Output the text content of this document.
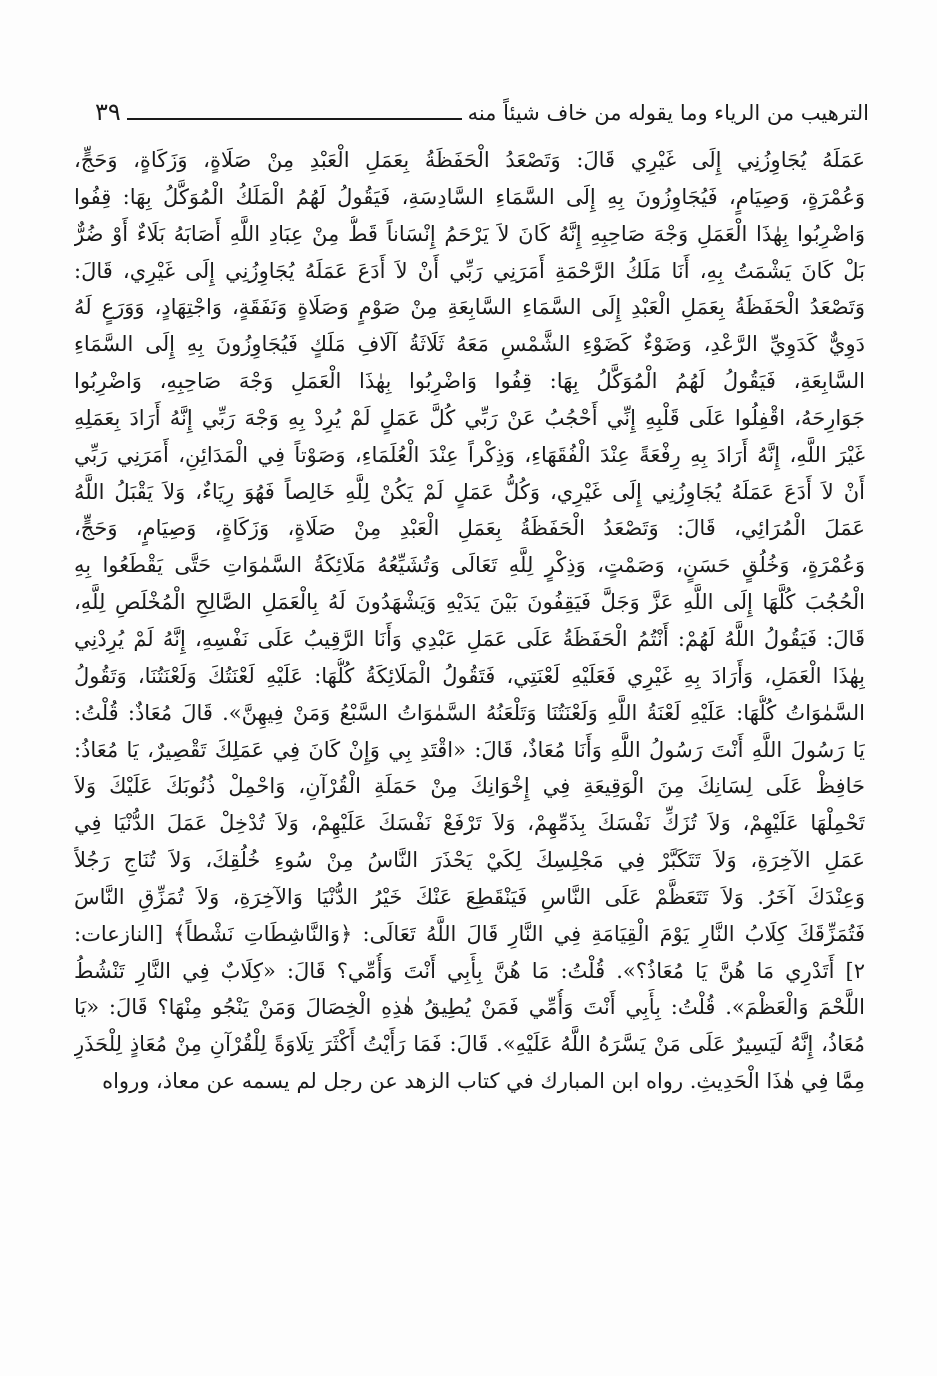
الترهيب من الرياء وما يقوله من خاف شيئاً منه
٣٩
عَمَلَهُ يُجَاوِزُنِي إِلَى غَيْرِي قَالَ: وَتَصْعَدُ الْحَفَظَةُ بِعَمَلِ الْعَبْدِ مِنْ صَلَاةٍ، وَزَكَاةٍ، وَحَجٍّ،
وَعُمْرَةٍ، وَصِيَامٍ، فَيُجَاوِزُونَ بِهِ إِلَى السَّمَاءِ السَّادِسَةِ، فَيَقُولُ لَهُمُ الْمَلَكُ الْمُوَكَّلُ بِهَا: قِفُوا
وَاضْرِبُوا بِهٰذَا الْعَمَلِ وَجْهَ صَاحِبِهِ إِنَّهُ كَانَ لاَ يَرْحَمُ إِنْسَاناً قَطُّ مِنْ عِبَادِ اللَّهِ أَصَابَهُ بَلَاءٌ أَوْ ضُرٌّ
بَلْ كَانَ يَشْمَتُ بِهِ، أَنَا مَلَكُ الرَّحْمَةِ أَمَرَنِي رَبِّي أَنْ لاَ أَدَعَ عَمَلَهُ يُجَاوِزُنِي إِلَى غَيْرِي، قَالَ:
وَتَصْعَدُ الْحَفَظَةُ بِعَمَلِ الْعَبْدِ إِلَى السَّمَاءِ السَّابِعَةِ مِنْ صَوْمٍ وَصَلَاةٍ وَنَفَقَةٍ، وَاجْتِهَادٍ، وَوَرَعٍ لَهُ
دَوِيٌّ كَدَوِيِّ الرَّعْدِ، وَضَوْءٌ كَضَوْءِ الشَّمْسِ مَعَهُ ثَلَاثَةُ آلَافِ مَلَكٍ فَيُجَاوِزُونَ بِهِ إِلَى السَّمَاءِ
السَّابِعَةِ، فَيَقُولُ لَهُمُ الْمُوَكَّلُ بِهَا: قِفُوا وَاضْرِبُوا بِهٰذَا الْعَمَلِ وَجْهَ صَاحِبِهِ، وَاضْرِبُوا
جَوَارِحَهُ، اقْفِلُوا عَلَى قَلْبِهِ إِنِّي أَحْجُبُ عَنْ رَبِّي كُلَّ عَمَلٍ لَمْ يُرِدْ بِهِ وَجْهَ رَبِّي إِنَّهُ أَرَادَ بِعَمَلِهِ
غَيْرَ اللَّهِ، إِنَّهُ أَرَادَ بِهِ رِفْعَةً عِنْدَ الْفُقَهَاءِ، وَذِكْراً عِنْدَ الْعُلَمَاءِ، وَصَوْتاً فِي الْمَدَائِنِ، أَمَرَنِي رَبِّي
أَنْ لاَ أَدَعَ عَمَلَهُ يُجَاوِزُنِي إِلَى غَيْرِي، وَكُلُّ عَمَلٍ لَمْ يَكُنْ لِلَّهِ خَالِصاً فَهُوَ رِيَاءٌ، وَلاَ يَقْبَلُ اللَّهُ
عَمَلَ الْمُرَائِي، قَالَ: وَتَصْعَدُ الْحَفَظَةُ بِعَمَلِ الْعَبْدِ مِنْ صَلَاةٍ، وَزَكَاةٍ، وَصِيَامٍ، وَحَجٍّ،
وَعُمْرَةٍ، وَخُلُقٍ حَسَنٍ، وَصَمْتٍ، وَذِكْرٍ لِلَّهِ تَعَالَى وَتُشَيِّعُهُ مَلَائِكَةُ السَّمٰوَاتِ حَتَّى يَقْطَعُوا بِهِ
الْحُجُبَ كُلَّهَا إِلَى اللَّهِ عَزَّ وَجَلَّ فَيَقِفُونَ بَيْنَ يَدَيْهِ وَيَشْهَدُونَ لَهُ بِالْعَمَلِ الصَّالِحِ الْمُخْلَصِ لِلَّهِ،
قَالَ: فَيَقُولُ اللَّهُ لَهُمْ: أَنْتُمُ الْحَفَظَةُ عَلَى عَمَلِ عَبْدِي وَأَنَا الرَّقِيبُ عَلَى نَفْسِهِ، إِنَّهُ لَمْ يُرِدْنِي
بِهٰذَا الْعَمَلِ، وَأَرَادَ بِهِ غَيْرِي فَعَلَيْهِ لَعْنَتِي، فَتَقُولُ الْمَلَائِكَةُ كُلُّهَا: عَلَيْهِ لَعْنَتُكَ وَلَعْنَتُنَا، وَتَقُولُ
السَّمٰوَاتُ كُلُّهَا: عَلَيْهِ لَعْنَةُ اللَّهِ وَلَعْنَتُنَا وَتَلْعَنُهُ السَّمٰوَاتُ السَّبْعُ وَمَنْ فِيهِنَّ». قَالَ مُعَاذٌ: قُلْتُ:
يَا رَسُولَ اللَّهِ أَنْتَ رَسُولُ اللَّهِ وَأَنَا مُعَاذٌ، قَالَ: «اقْتَدِ بِي وَإِنْ كَانَ فِي عَمَلِكَ تَقْصِيرٌ، يَا مُعَاذُ:
حَافِظْ عَلَى لِسَانِكَ مِنَ الْوَقِيعَةِ فِي إِخْوَانِكَ مِنْ حَمَلَةِ الْقُرْآنِ، وَاحْمِلْ ذُنُوبَكَ عَلَيْكَ وَلاَ
تَحْمِلْهَا عَلَيْهِمْ، وَلاَ تُزَكِّ نَفْسَكَ بِذَمِّهِمْ، وَلاَ تَرْفَعْ نَفْسَكَ عَلَيْهِمْ، وَلاَ تُدْخِلْ عَمَلَ الدُّنْيَا فِي
عَمَلِ الآخِرَةِ، وَلاَ تَتَكَبَّرْ فِي مَجْلِسِكَ لِكَيْ يَحْذَرَ النَّاسُ مِنْ سُوءِ خُلُقِكَ، وَلاَ تُنَاجِ رَجُلاً
وَعِنْدَكَ آخَرُ. وَلاَ تَتَعَظَّمْ عَلَى النَّاسِ فَيَنْقَطِعَ عَنْكَ خَيْرُ الدُّنْيَا وَالآخِرَةِ، وَلاَ تُمَزِّقِ النَّاسَ
فَتُمَزِّقَكَ كِلَابُ النَّارِ يَوْمَ الْقِيَامَةِ فِي النَّارِ قَالَ اللَّهُ تَعَالَى: ﴿وَالنَّاشِطَاتِ نَشْطاً﴾ [النازعات:
٢] أَتَدْرِي مَا هُنَّ يَا مُعَاذُ؟». قُلْتُ: مَا هُنَّ بِأَبِي أَنْتَ وَأُمِّي؟ قَالَ: «كِلَابٌ فِي النَّارِ تَنْشُطُ
اللَّحْمَ وَالْعَظْمَ». قُلْتُ: بِأَبِي أَنْتَ وَأُمِّي فَمَنْ يُطِيقُ هٰذِهِ الْخِصَالَ وَمَنْ يَنْجُو مِنْهَا؟ قَالَ: «يَا
مُعَاذُ، إِنَّهُ لَيَسِيرٌ عَلَى مَنْ يَسَّرَهُ اللَّهُ عَلَيْهِ». قَالَ: فَمَا رَأَيْتُ أَكْثَرَ تِلَاوَةً لِلْقُرْآنِ مِنْ مُعَاذٍ لِلْحَذَرِ
مِمَّا فِي هٰذَا الْحَدِيثِ. رواه ابن المبارك في كتاب الزهد عن رجل لم يسمه عن معاذ، ورواه
